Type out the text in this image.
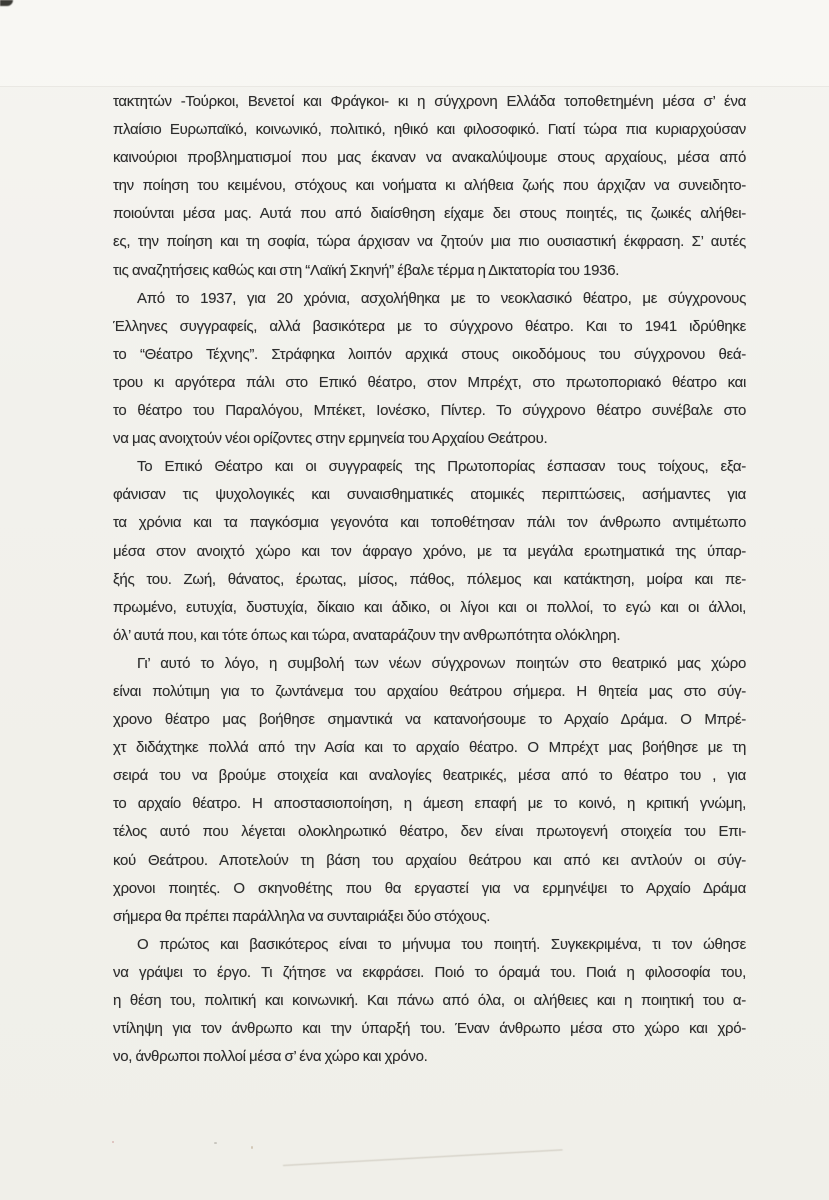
τακτητών -Τούρκοι, Βενετοί και Φράγκοι- κι η σύγχρονη Ελλάδα τοποθετημένη μέσα σ’ ένα
πλαίσιο Ευρωπαϊκό, κοινωνικό, πολιτικό, ηθικό και φιλοσοφικό. Γιατί τώρα πια κυριαρχούσαν
καινούριοι προβληματισμοί που μας έκαναν να ανακαλύψουμε στους αρχαίους, μέσα από
την ποίηση του κειμένου, στόχους και νοήματα κι αλήθεια ζωής που άρχιζαν να συνειδητο-
ποιούνται μέσα μας. Αυτά που από διαίσθηση είχαμε δει στους ποιητές, τις ζωικές αλήθει-
ες, την ποίηση και τη σοφία, τώρα άρχισαν να ζητούν μια πιο ουσιαστική έκφραση. Σ’ αυτές
τις αναζητήσεις καθώς και στη “Λαϊκή Σκηνή” έβαλε τέρμα η Δικτατορία του 1936.
Από το 1937, για 20 χρόνια, ασχολήθηκα με το νεοκλασικό θέατρο, με σύγχρονους
Έλληνες συγγραφείς, αλλά βασικότερα με το σύγχρονο θέατρο. Και το 1941 ιδρύθηκε
το “Θέατρο Τέχνης”. Στράφηκα λοιπόν αρχικά στους οικοδόμους του σύγχρονου θεά-
τρου κι αργότερα πάλι στο Επικό θέατρο, στον Μπρέχτ, στο πρωτοποριακό θέατρο και
το θέατρο του Παραλόγου, Μπέκετ, Ιονέσκο, Πίντερ. Το σύγχρονο θέατρο συνέβαλε στο
να μας ανοιχτούν νέοι ορίζοντες στην ερμηνεία του Αρχαίου Θεάτρου.
Το Επικό Θέατρο και οι συγγραφείς της Πρωτοπορίας έσπασαν τους τοίχους, εξα-
φάνισαν τις ψυχολογικές και συναισθηματικές ατομικές περιπτώσεις, ασήμαντες για
τα χρόνια και τα παγκόσμια γεγονότα και τοποθέτησαν πάλι τον άνθρωπο αντιμέτωπο
μέσα στον ανοιχτό χώρο και τον άφραγο χρόνο, με τα μεγάλα ερωτηματικά της ύπαρ-
ξής του. Ζωή, θάνατος, έρωτας, μίσος, πάθος, πόλεμος και κατάκτηση, μοίρα και πε-
πρωμένο, ευτυχία, δυστυχία, δίκαιο και άδικο, οι λίγοι και οι πολλοί, το εγώ και οι άλλοι,
όλ’ αυτά που, και τότε όπως και τώρα, αναταράζουν την ανθρωπότητα ολόκληρη.
Γι’ αυτό το λόγο, η συμβολή των νέων σύγχρονων ποιητών στο θεατρικό μας χώρο
είναι πολύτιμη για το ζωντάνεμα του αρχαίου θεάτρου σήμερα. Η θητεία μας στο σύγ-
χρονο θέατρο μας βοήθησε σημαντικά να κατανοήσουμε το Αρχαίο Δράμα. Ο Μπρέ-
χτ διδάχτηκε πολλά από την Ασία και το αρχαίο θέατρο. Ο Μπρέχτ μας βοήθησε με τη
σειρά του να βρούμε στοιχεία και αναλογίες θεατρικές, μέσα από το θέατρο του , για
το αρχαίο θέατρο. Η αποστασιοποίηση, η άμεση επαφή με το κοινό, η κριτική γνώμη,
τέλος αυτό που λέγεται ολοκληρωτικό θέατρο, δεν είναι πρωτογενή στοιχεία του Επι-
κού Θεάτρου. Αποτελούν τη βάση του αρχαίου θεάτρου και από κει αντλούν οι σύγ-
χρονοι ποιητές. Ο σκηνοθέτης που θα εργαστεί για να ερμηνέψει το Αρχαίο Δράμα
σήμερα θα πρέπει παράλληλα να συνταιριάξει δύο στόχους.
Ο πρώτος και βασικότερος είναι το μήνυμα του ποιητή. Συγκεκριμένα, τι τον ώθησε
να γράψει το έργο. Τι ζήτησε να εκφράσει. Ποιό το όραμά του. Ποιά η φιλοσοφία του,
η θέση του, πολιτική και κοινωνική. Και πάνω από όλα, οι αλήθειες και η ποιητική του α-
ντίληψη για τον άνθρωπο και την ύπαρξή του. Έναν άνθρωπο μέσα στο χώρο και χρό-
νο, άνθρωποι πολλοί μέσα σ’ ένα χώρο και χρόνο.
